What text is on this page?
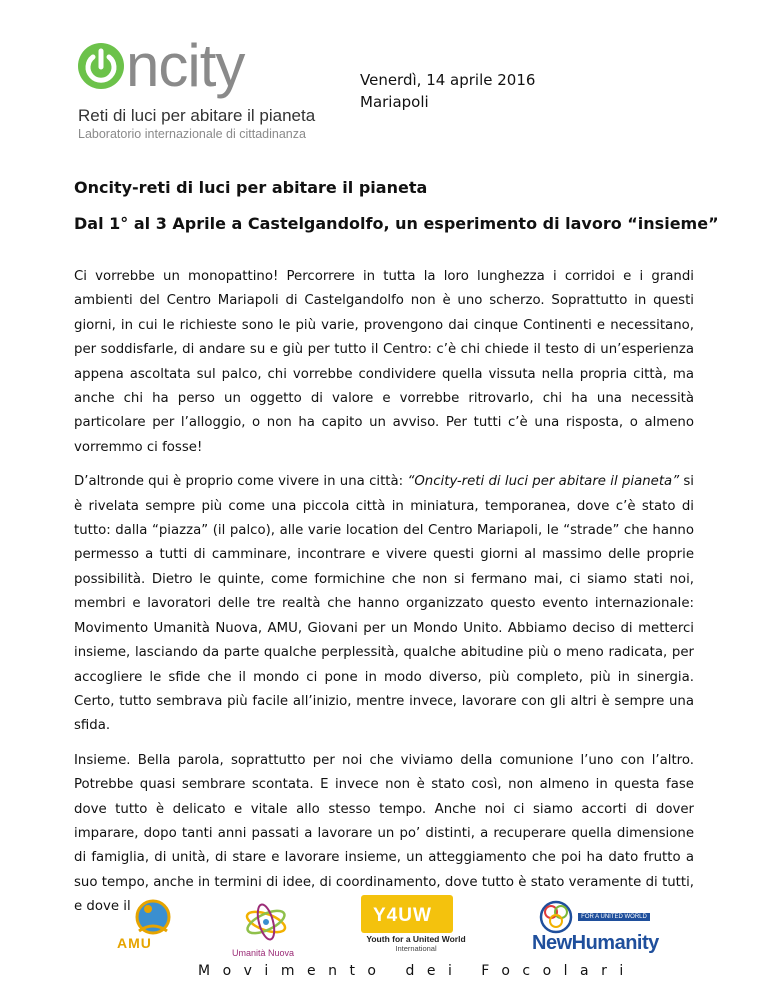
ncity
Reti di luci per abitare il pianeta
Laboratorio internazionale di cittadinanza
Venerdì, 14 aprile 2016
Mariapoli
Oncity-reti di luci per abitare il pianeta
Dal 1° al 3 Aprile a Castelgandolfo, un esperimento di lavoro “insieme”

Ci vorrebbe un monopattino! Percorrere in tutta la loro lunghezza i corridoi e i grandi ambienti del Centro Mariapoli di Castelgandolfo non è uno scherzo. Soprattutto in questi giorni, in cui le richieste sono le più varie, provengono dai cinque Continenti e necessitano, per soddisfarle, di andare su e giù per tutto il Centro: c’è chi chiede il testo di un’esperienza appena ascoltata sul palco, chi vorrebbe condividere quella vissuta nella propria città, ma anche chi ha perso un oggetto di valore e vorrebbe ritrovarlo, chi ha una necessità particolare per l’alloggio, o non ha capito un avviso. Per tutti c’è una risposta, o almeno vorremmo ci fosse!

D’altronde qui è proprio come vivere in una città: “Oncity-reti di luci per abitare il pianeta” si è rivelata sempre più come una piccola città in miniatura, temporanea, dove c’è stato di tutto: dalla “piazza” (il palco), alle varie location del Centro Mariapoli, le “strade” che hanno permesso a tutti di camminare, incontrare e vivere questi giorni al massimo delle proprie possibilità. Dietro le quinte, come formichine che non si fermano mai, ci siamo stati noi, membri e lavoratori delle tre realtà che hanno organizzato questo evento internazionale: Movimento Umanità Nuova, AMU, Giovani per un Mondo Unito. Abbiamo deciso di metterci insieme, lasciando da parte qualche perplessità, qualche abitudine più o meno radicata, per accogliere le sfide che il mondo ci pone in modo diverso, più completo, più in sinergia. Certo, tutto sembrava più facile all’inizio, mentre invece, lavorare con gli altri è sempre una sfida.

Insieme. Bella parola, soprattutto per noi che viviamo della comunione l’uno con l’altro. Potrebbe quasi sembrare scontata. E invece non è stato così, non almeno in questa fase dove tutto è delicato e vitale allo stesso tempo. Anche noi ci siamo accorti di dover imparare, dopo tanti anni passati a lavorare un po’ distinti, a recuperare quella dimensione di famiglia, di unità, di stare e lavorare insieme, un atteggiamento che poi ha dato frutto a suo tempo, anche in termini di idee, di coordinamento, dove tutto è stato veramente di tutti, e dove il

AMU
Umanità Nuova
Movimento dei Focolari
Y4UW
Youth for a United World
International
FOR A UNITED WORLD
NewHumanity
